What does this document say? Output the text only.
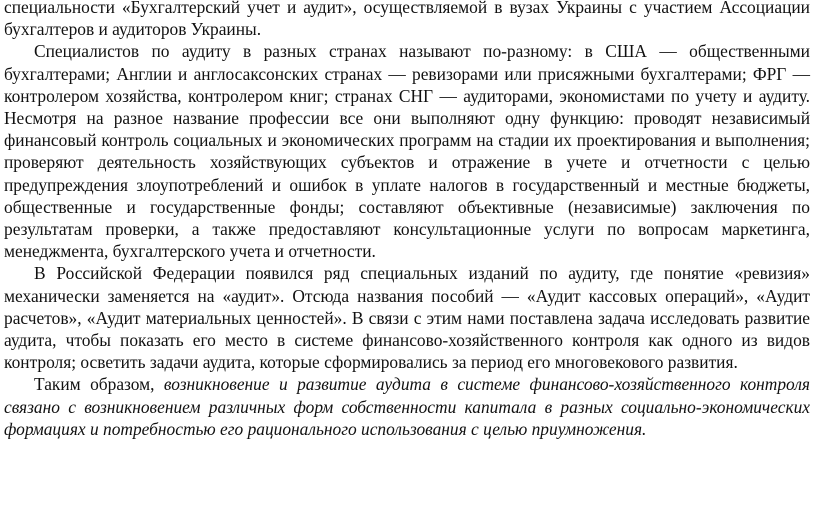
специальности «Бухгалтерский учет и аудит», осуществляемой в вузах Украины с участием Ассоциации бухгалтеров и аудиторов Украины.

Специалистов по аудиту в разных странах называют по-разному: в США — общественными бухгалтерами; Англии и англосаксонских странах — ревизорами или присяжными бухгалтерами; ФРГ — контролером хозяйства, контролером книг; странах СНГ — аудиторами, экономистами по учету и аудиту. Несмотря на разное название профессии все они выполняют одну функцию: проводят независимый финансовый контроль социальных и экономических программ на стадии их проектирования и выполнения; проверяют деятельность хозяйствующих субъектов и отражение в учете и отчетности с целью предупреждения злоупотреблений и ошибок в уплате налогов в государственный и местные бюджеты, общественные и государственные фонды; составляют объективные (независимые) заключения по результатам проверки, а также предоставляют консультационные услуги по вопросам маркетинга, менеджмента, бухгалтерского учета и отчетности.

В Российской Федерации появился ряд специальных изданий по аудиту, где понятие «ревизия» механически заменяется на «аудит». Отсюда названия пособий — «Аудит кассовых операций», «Аудит расчетов», «Аудит материальных ценностей». В связи с этим нами поставлена задача исследовать развитие аудита, чтобы показать его место в системе финансово-хозяйственного контроля как одного из видов контроля; осветить задачи аудита, которые сформировались за период его многовекового развития.

Таким образом, возникновение и развитие аудита в системе финансово-хозяйственного контроля связано с возникновением различных форм собственности капитала в разных социально-экономических формациях и потребностью его рационального использования с целью приумножения.
